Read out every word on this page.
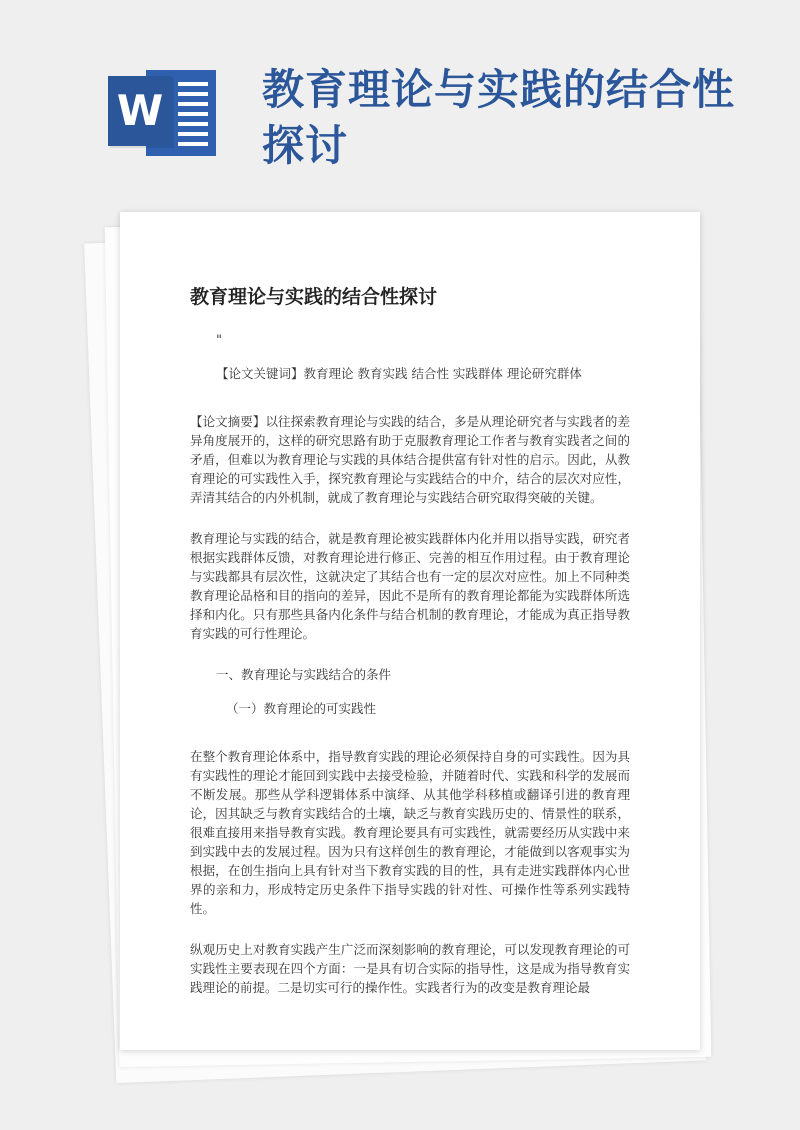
W 教育理论与实践的结合性探讨
教育理论与实践的结合性探讨

"

【论文关键词】教育理论 教育实践 结合性 实践群体 理论研究群体

【论文摘要】以往探索教育理论与实践的结合，多是从理论研究者与实践者的差异角度展开的，这样的研究思路有助于克服教育理论工作者与教育实践者之间的矛盾，但难以为教育理论与实践的具体结合提供富有针对性的启示。因此，从教育理论的可实践性入手，探究教育理论与实践结合的中介，结合的层次对应性，弄清其结合的内外机制，就成了教育理论与实践结合研究取得突破的关键。

教育理论与实践的结合，就是教育理论被实践群体内化并用以指导实践，研究者根据实践群体反馈，对教育理论进行修正、完善的相互作用过程。由于教育理论与实践都具有层次性，这就决定了其结合也有一定的层次对应性。加上不同种类教育理论品格和目的指向的差异，因此不是所有的教育理论都能为实践群体所选择和内化。只有那些具备内化条件与结合机制的教育理论，才能成为真正指导教育实践的可行性理论。

一、教育理论与实践结合的条件

（一）教育理论的可实践性

在整个教育理论体系中，指导教育实践的理论必须保持自身的可实践性。因为具有实践性的理论才能回到实践中去接受检验，并随着时代、实践和科学的发展而不断发展。那些从学科逻辑体系中演绎、从其他学科移植或翻译引进的教育理论，因其缺乏与教育实践结合的土壤，缺乏与教育实践历史的、情景性的联系，很难直接用来指导教育实践。教育理论要具有可实践性，就需要经历从实践中来到实践中去的发展过程。因为只有这样创生的教育理论，才能做到以客观事实为根据，在创生指向上具有针对当下教育实践的目的性，具有走进实践群体内心世界的亲和力，形成特定历史条件下指导实践的针对性、可操作性等系列实践特性。

纵观历史上对教育实践产生广泛而深刻影响的教育理论，可以发现教育理论的可实践性主要表现在四个方面：一是具有切合实际的指导性，这是成为指导教育实践理论的前提。二是切实可行的操作性。实践者行为的改变是教育理论最
